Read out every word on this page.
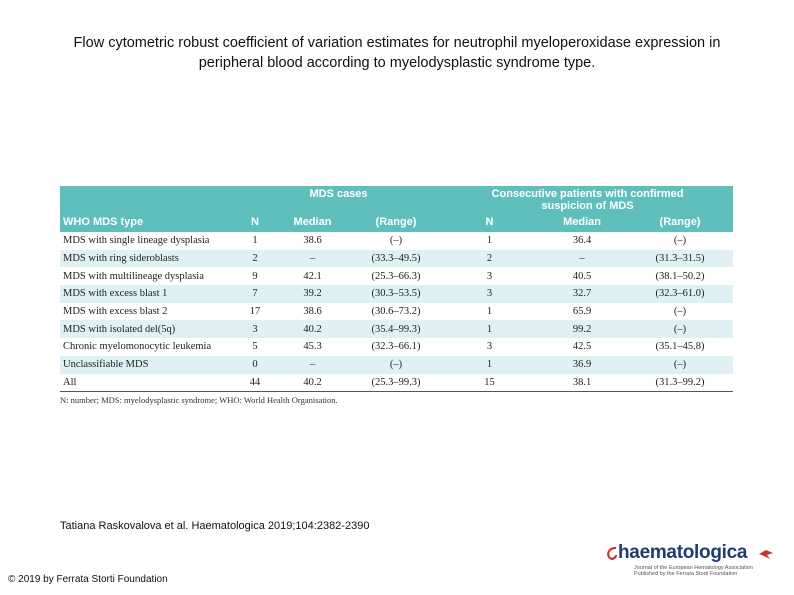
Flow cytometric robust coefficient of variation estimates for neutrophil myeloperoxidase expression in peripheral blood according to myelodysplastic syndrome type.
	MDS cases			Consecutive patients with confirmed suspicion of MDS		
WHO MDS type	N	Median	(Range)	N	Median	(Range)
MDS with single lineage dysplasia	1	38.6	(–)	1	36.4	(–)
MDS with ring sideroblasts	2	–	(33.3–49.5)	2	–	(31.3–31.5)
MDS with multilineage dysplasia	9	42.1	(25.3–66.3)	3	40.5	(38.1–50.2)
MDS with excess blast 1	7	39.2	(30.3–53.5)	3	32.7	(32.3–61.0)
MDS with excess blast 2	17	38.6	(30.6–73.2)	1	65.9	(–)
MDS with isolated del(5q)	3	40.2	(35.4–99.3)	1	99.2	(–)
Chronic myelomonocytic leukemia	5	45.3	(32.3–66.1)	3	42.5	(35.1–45.8)
Unclassifiable MDS	0	–	(–)	1	36.9	(–)
All	44	40.2	(25.3–99.3)	15	38.1	(31.3–99.2)
N: number; MDS: myelodysplastic syndrome; WHO: World Health Organisation.
Tatiana Raskovalova et al. Haematologica 2019;104:2382-2390
© 2019 by Ferrata Storti Foundation
haematologica
Journal of the European Hematology Association
Published by the Ferrata Storti Foundation
